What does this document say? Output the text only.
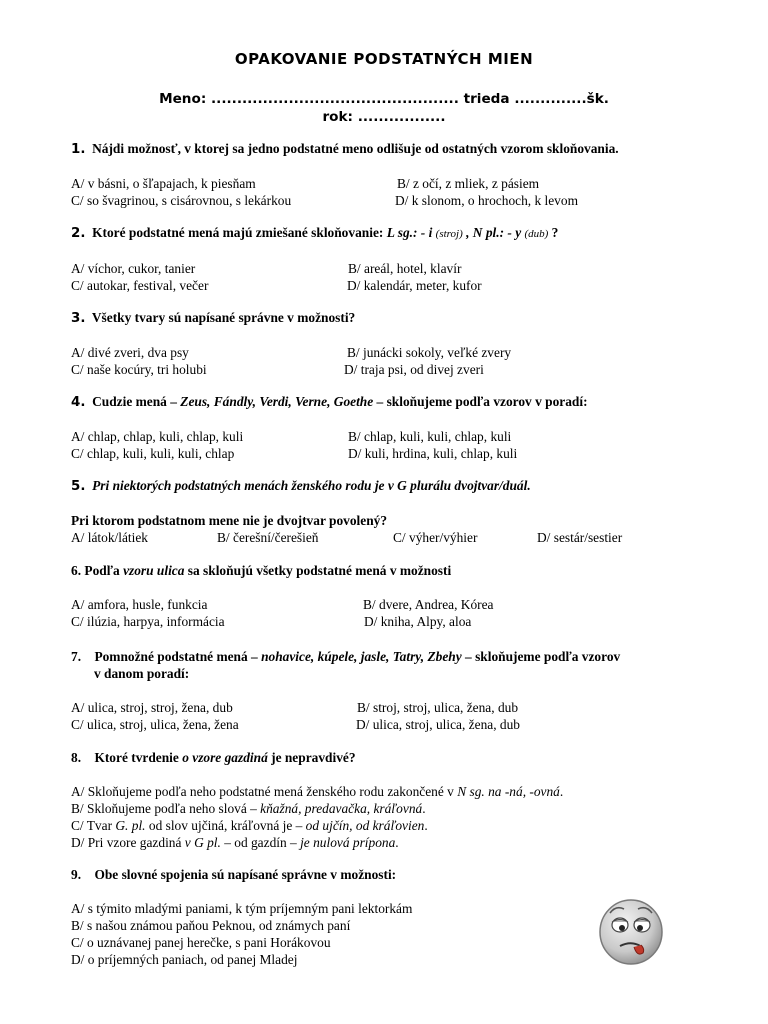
OPAKOVANIE PODSTATNÝCH MIEN
Meno: ................................................ trieda ..............šk.
rok: .................
1. Nájdi možnosť, v ktorej sa jedno podstatné meno odlišuje od ostatných vzorom skloňovania.
A/ v básni, o šľapajach, k piesňam	B/ z očí, z mliek, z pásiem
C/ so švagrinou, s cisárovnou, s lekárkou	D/ k slonom, o hrochoch, k levom
2. Ktoré podstatné mená majú zmiešané skloňovanie: L sg.: - i (stroj) , N pl.: - y (dub) ?
A/ víchor, cukor, tanier	B/ areál, hotel, klavír
C/ autokar, festival, večer	D/ kalendár, meter, kufor
3. Všetky tvary sú napísané správne v možnosti?
A/ divé zveri, dva psy	B/ junácki sokoly, veľké zvery
C/ naše kocúry, tri holubi	D/ traja psi, od divej zveri
4. Cudzie mená – Zeus, Fándly, Verdi, Verne, Goethe – skloňujeme podľa vzorov v poradí:
A/ chlap, chlap, kuli, chlap, kuli	B/ chlap, kuli, kuli, chlap, kuli
C/ chlap, kuli, kuli, kuli, chlap	D/ kuli, hrdina, kuli, chlap, kuli
5. Pri niektorých podstatných menách ženského rodu je v G plurálu dvojtvar/duál.
Pri ktorom podstatnom mene nie je dvojtvar povolený?
A/ látok/látiek	B/ čerešní/čerešieň	C/ výher/výhier	D/ sestár/sestier
6. Podľa vzoru ulica sa skloňujú všetky podstatné mená v možnosti
A/ amfora, husle, funkcia	B/ dvere, Andrea, Kórea
C/ ilúzia, harpya, informácia	D/ kniha, Alpy, aloa
7. Pomnožné podstatné mená – nohavice, kúpele, jasle, Tatry, Zbehy – skloňujeme podľa vzorov
v danom poradí:
A/ ulica, stroj, stroj, žena, dub	B/ stroj, stroj, ulica, žena, dub
C/ ulica, stroj, ulica, žena, žena	D/ ulica, stroj, ulica, žena, dub
8. Ktoré tvrdenie o vzore gazdiná je nepravdivé?
A/ Skloňujeme podľa neho podstatné mená ženského rodu zakončené v N sg. na -ná, -ovná.
B/ Skloňujeme podľa neho slová – kňažná, predavačka, kráľovná.
C/ Tvar G. pl. od slov ujčiná, kráľovná je – od ujčín, od kráľovien.
D/ Pri vzore gazdiná v G pl. – od gazdín – je nulová prípona.
9. Obe slovné spojenia sú napísané správne v možnosti:
A/ s týmito mladými paniami, k tým príjemným pani lektorkám
B/ s našou známou paňou Peknou, od známych paní
C/ o uznávanej panej herečke, s pani Horákovou
D/ o príjemných paniach, od panej Mladej
